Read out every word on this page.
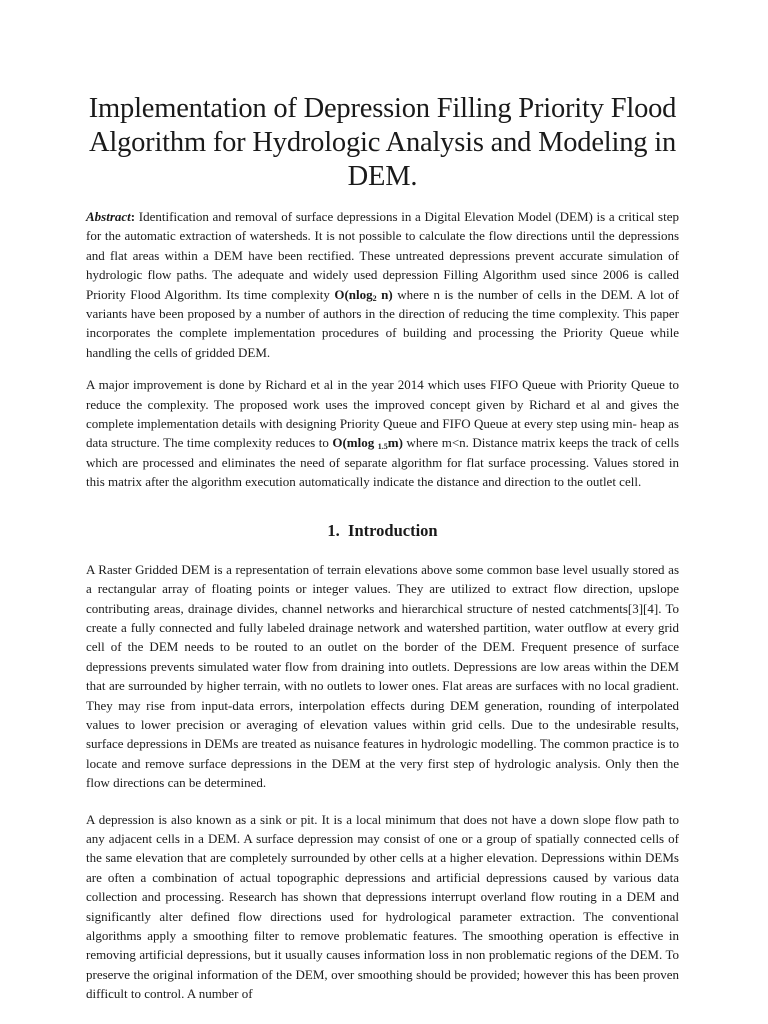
Implementation of Depression Filling Priority Flood Algorithm for Hydrologic Analysis and Modeling in DEM.

Abstract: Identification and removal of surface depressions in a Digital Elevation Model (DEM) is a critical step for the automatic extraction of watersheds. It is not possible to calculate the flow directions until the depressions and flat areas within a DEM have been rectified. These untreated depressions prevent accurate simulation of hydrologic flow paths. The adequate and widely used depression Filling Algorithm used since 2006 is called Priority Flood Algorithm. Its time complexity O(nlog$_2$ n) where n is the number of cells in the DEM. A lot of variants have been proposed by a number of authors in the direction of reducing the time complexity. This paper incorporates the complete implementation procedures of building and processing the Priority Queue while handling the cells of gridded DEM.

A major improvement is done by Richard et al in the year 2014 which uses FIFO Queue with Priority Queue to reduce the complexity. The proposed work uses the improved concept given by Richard et al and gives the complete implementation details with designing Priority Queue and FIFO Queue at every step using min- heap as data structure. The time complexity reduces to O(mlog $_{1.5}$m) where m<n. Distance matrix keeps the track of cells which are processed and eliminates the need of separate algorithm for flat surface processing. Values stored in this matrix after the algorithm execution automatically indicate the distance and direction to the outlet cell.

1. Introduction

A Raster Gridded DEM is a representation of terrain elevations above some common base level usually stored as a rectangular array of floating points or integer values. They are utilized to extract flow direction, upslope contributing areas, drainage divides, channel networks and hierarchical structure of nested catchments[3][4]. To create a fully connected and fully labeled drainage network and watershed partition, water outflow at every grid cell of the DEM needs to be routed to an outlet on the border of the DEM. Frequent presence of surface depressions prevents simulated water flow from draining into outlets. Depressions are low areas within the DEM that are surrounded by higher terrain, with no outlets to lower ones. Flat areas are surfaces with no local gradient. They may rise from input-data errors, interpolation effects during DEM generation, rounding of interpolated values to lower precision or averaging of elevation values within grid cells. Due to the undesirable results, surface depressions in DEMs are treated as nuisance features in hydrologic modelling. The common practice is to locate and remove surface depressions in the DEM at the very first step of hydrologic analysis. Only then the flow directions can be determined.

A depression is also known as a sink or pit. It is a local minimum that does not have a down slope flow path to any adjacent cells in a DEM. A surface depression may consist of one or a group of spatially connected cells of the same elevation that are completely surrounded by other cells at a higher elevation. Depressions within DEMs are often a combination of actual topographic depressions and artificial depressions caused by various data collection and processing. Research has shown that depressions interrupt overland flow routing in a DEM and significantly alter defined flow directions used for hydrological parameter extraction. The conventional algorithms apply a smoothing filter to remove problematic features. The smoothing operation is effective in removing artificial depressions, but it usually causes information loss in non problematic regions of the DEM. To preserve the original information of the DEM, over smoothing should be provided; however this has been proven difficult to control. A number of
